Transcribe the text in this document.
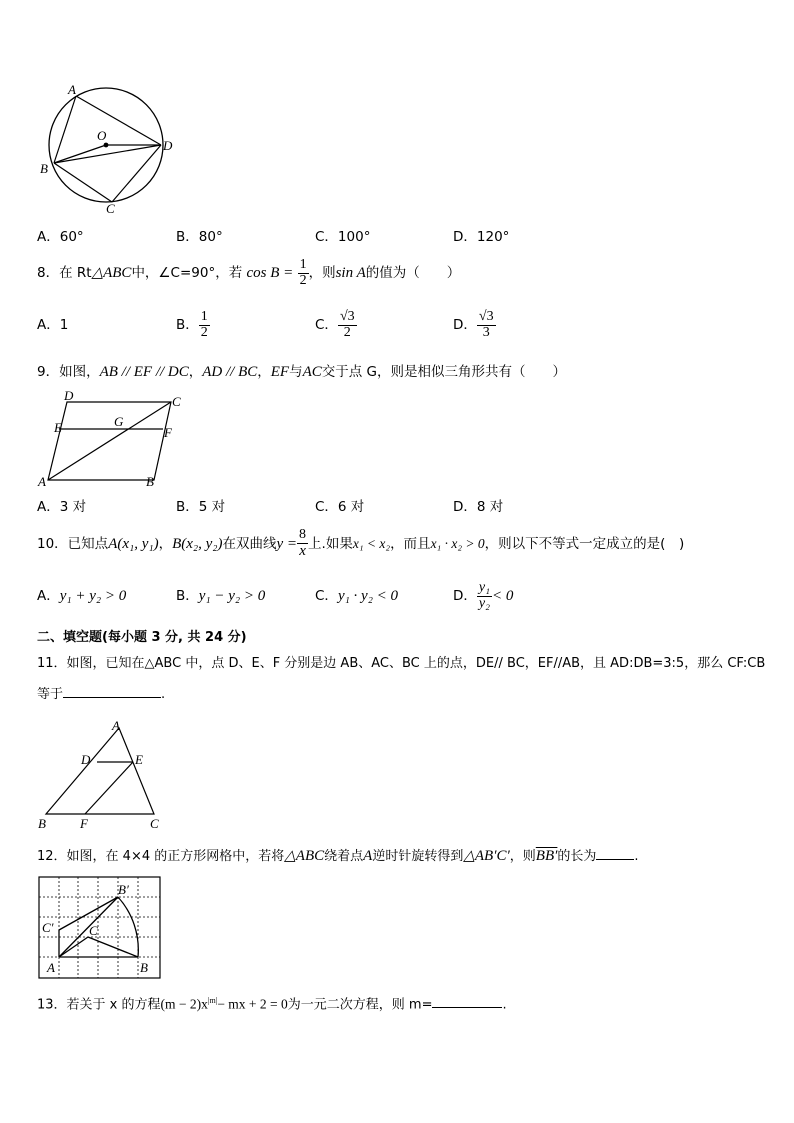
A
B
C
D
O
A．60°	B．80°	C．100°	D．120°
8．在 Rt△ABC中，∠C=90°，若 $\cos B = \frac{1}{2}$ ，则sin A的值为（　　）
A．1	B． $\frac{1}{2}$	C． $\frac{√3}{2}$	D． $\frac{√3}{3}$
9．如图，AB // EF // DC，AD // BC，EF与AC交于点 G，则是相似三角形共有（　　）
D	C
E	G
F
A	B
A．3 对	B．5 对	C．6 对	D．8 对
10．已知点A(x₁, y₁)，B(x₂, y₂)在双曲线$y = \frac{8}{x}$ 上.如果x₁ < x₂，而且x₁ · x₂ > 0，则以下不等式一定成立的是(　)
A．y₁ + y₂ > 0	B．y₁ − y₂ > 0	C．y₁ · y₂ < 0	D． $\frac{\text{y₁}}{\text{y₂}} < 0$
二、填空题(每小题 3 分, 共 24 分)
11．如图，已知在△ABC 中，点 D、E、F 分别是边 AB、AC、BC 上的点，DE// BC，EF//AB，且 AD:DB=3:5，那么 CF:CB
等于	.
A
D	E
B	F	C
12．如图，在 4×4 的正方形网格中，若将△ABC绕着点A逆时针旋转得到△AB′C′，则BB′的长为	.
B′
C′	C
A	B
13．若关于 x 的方程$(m - 2)x^{|m|}-$ mx + 2 = 0为一元二次方程，则 m=	.
